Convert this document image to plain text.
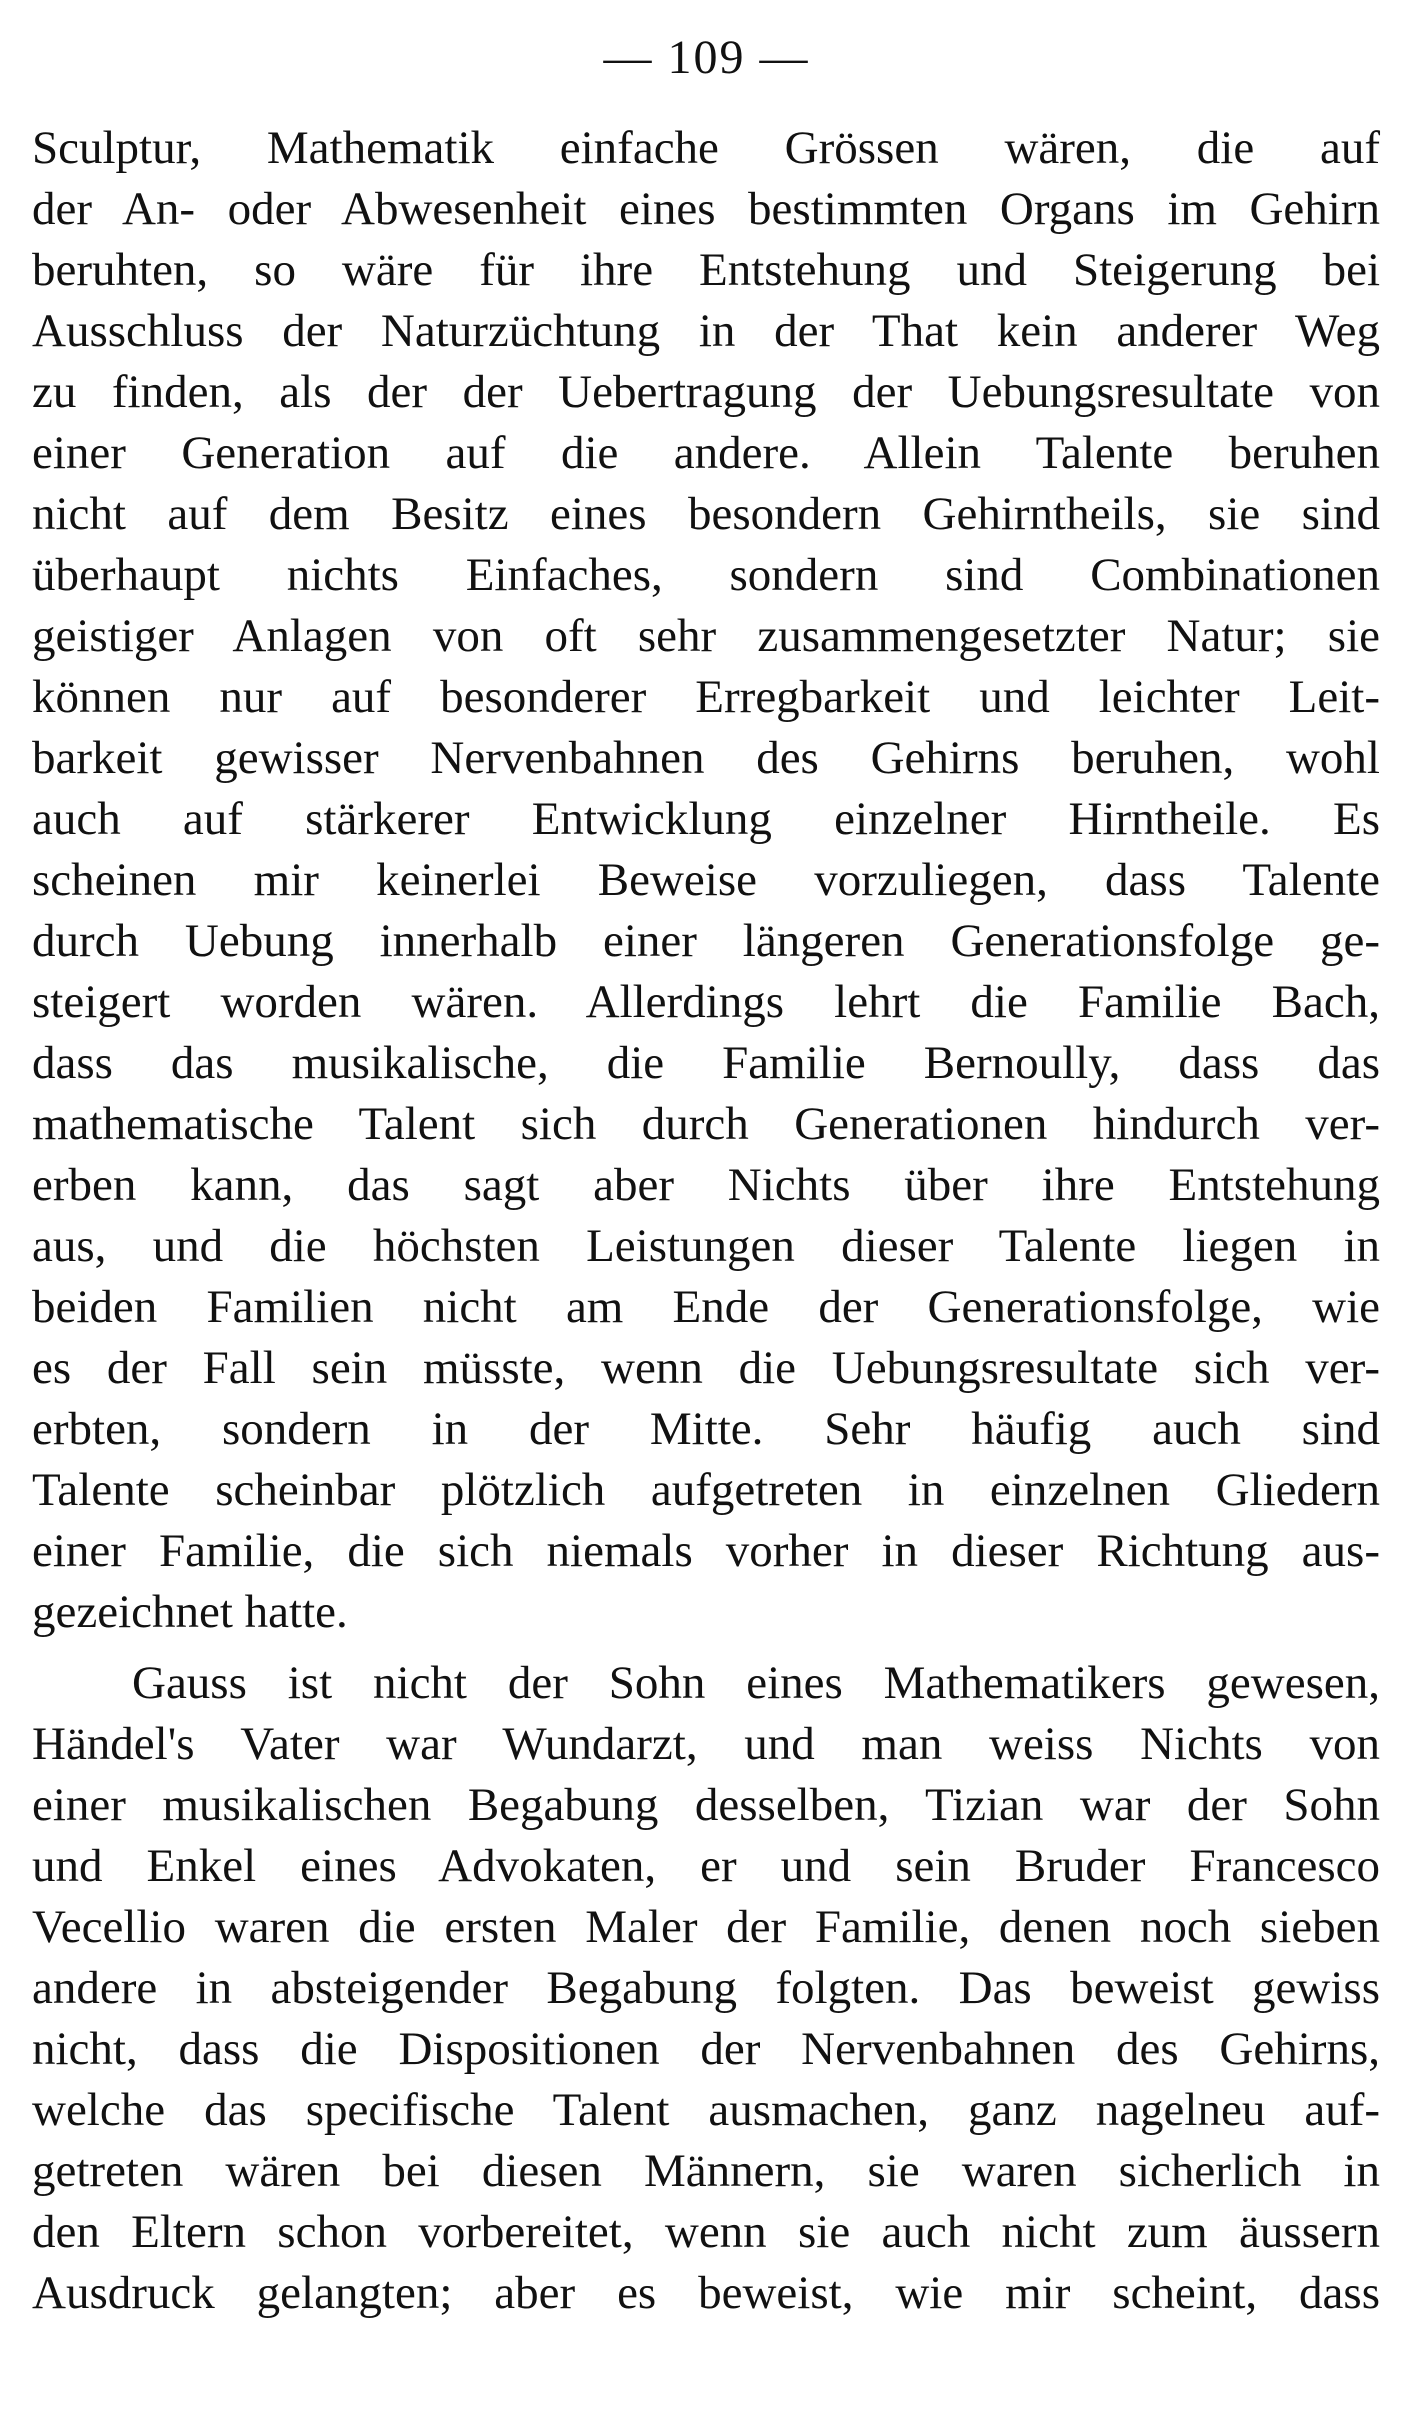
— 109 —
Sculptur, Mathematik einfache Grössen wären, die auf
der An- oder Abwesenheit eines bestimmten Organs im Gehirn
beruhten, so wäre für ihre Entstehung und Steigerung bei
Ausschluss der Naturzüchtung in der That kein anderer Weg
zu finden, als der der Uebertragung der Uebungsresultate von
einer Generation auf die andere. Allein Talente beruhen
nicht auf dem Besitz eines besondern Gehirntheils, sie sind
überhaupt nichts Einfaches, sondern sind Combinationen
geistiger Anlagen von oft sehr zusammengesetzter Natur; sie
können nur auf besonderer Erregbarkeit und leichter Leit-
barkeit gewisser Nervenbahnen des Gehirns beruhen, wohl
auch auf stärkerer Entwicklung einzelner Hirntheile. Es
scheinen mir keinerlei Beweise vorzuliegen, dass Talente
durch Uebung innerhalb einer längeren Generationsfolge ge-
steigert worden wären. Allerdings lehrt die Familie Bach,
dass das musikalische, die Familie Bernoully, dass das
mathematische Talent sich durch Generationen hindurch ver-
erben kann, das sagt aber Nichts über ihre Entstehung
aus, und die höchsten Leistungen dieser Talente liegen in
beiden Familien nicht am Ende der Generationsfolge, wie
es der Fall sein müsste, wenn die Uebungsresultate sich ver-
erbten, sondern in der Mitte. Sehr häufig auch sind
Talente scheinbar plötzlich aufgetreten in einzelnen Gliedern
einer Familie, die sich niemals vorher in dieser Richtung aus-
gezeichnet hatte.
Gauss ist nicht der Sohn eines Mathematikers gewesen,
Händel's Vater war Wundarzt, und man weiss Nichts von
einer musikalischen Begabung desselben, Tizian war der Sohn
und Enkel eines Advokaten, er und sein Bruder Francesco
Vecellio waren die ersten Maler der Familie, denen noch sieben
andere in absteigender Begabung folgten. Das beweist gewiss
nicht, dass die Dispositionen der Nervenbahnen des Gehirns,
welche das specifische Talent ausmachen, ganz nagelneu auf-
getreten wären bei diesen Männern, sie waren sicherlich in
den Eltern schon vorbereitet, wenn sie auch nicht zum äussern
Ausdruck gelangten; aber es beweist, wie mir scheint, dass
